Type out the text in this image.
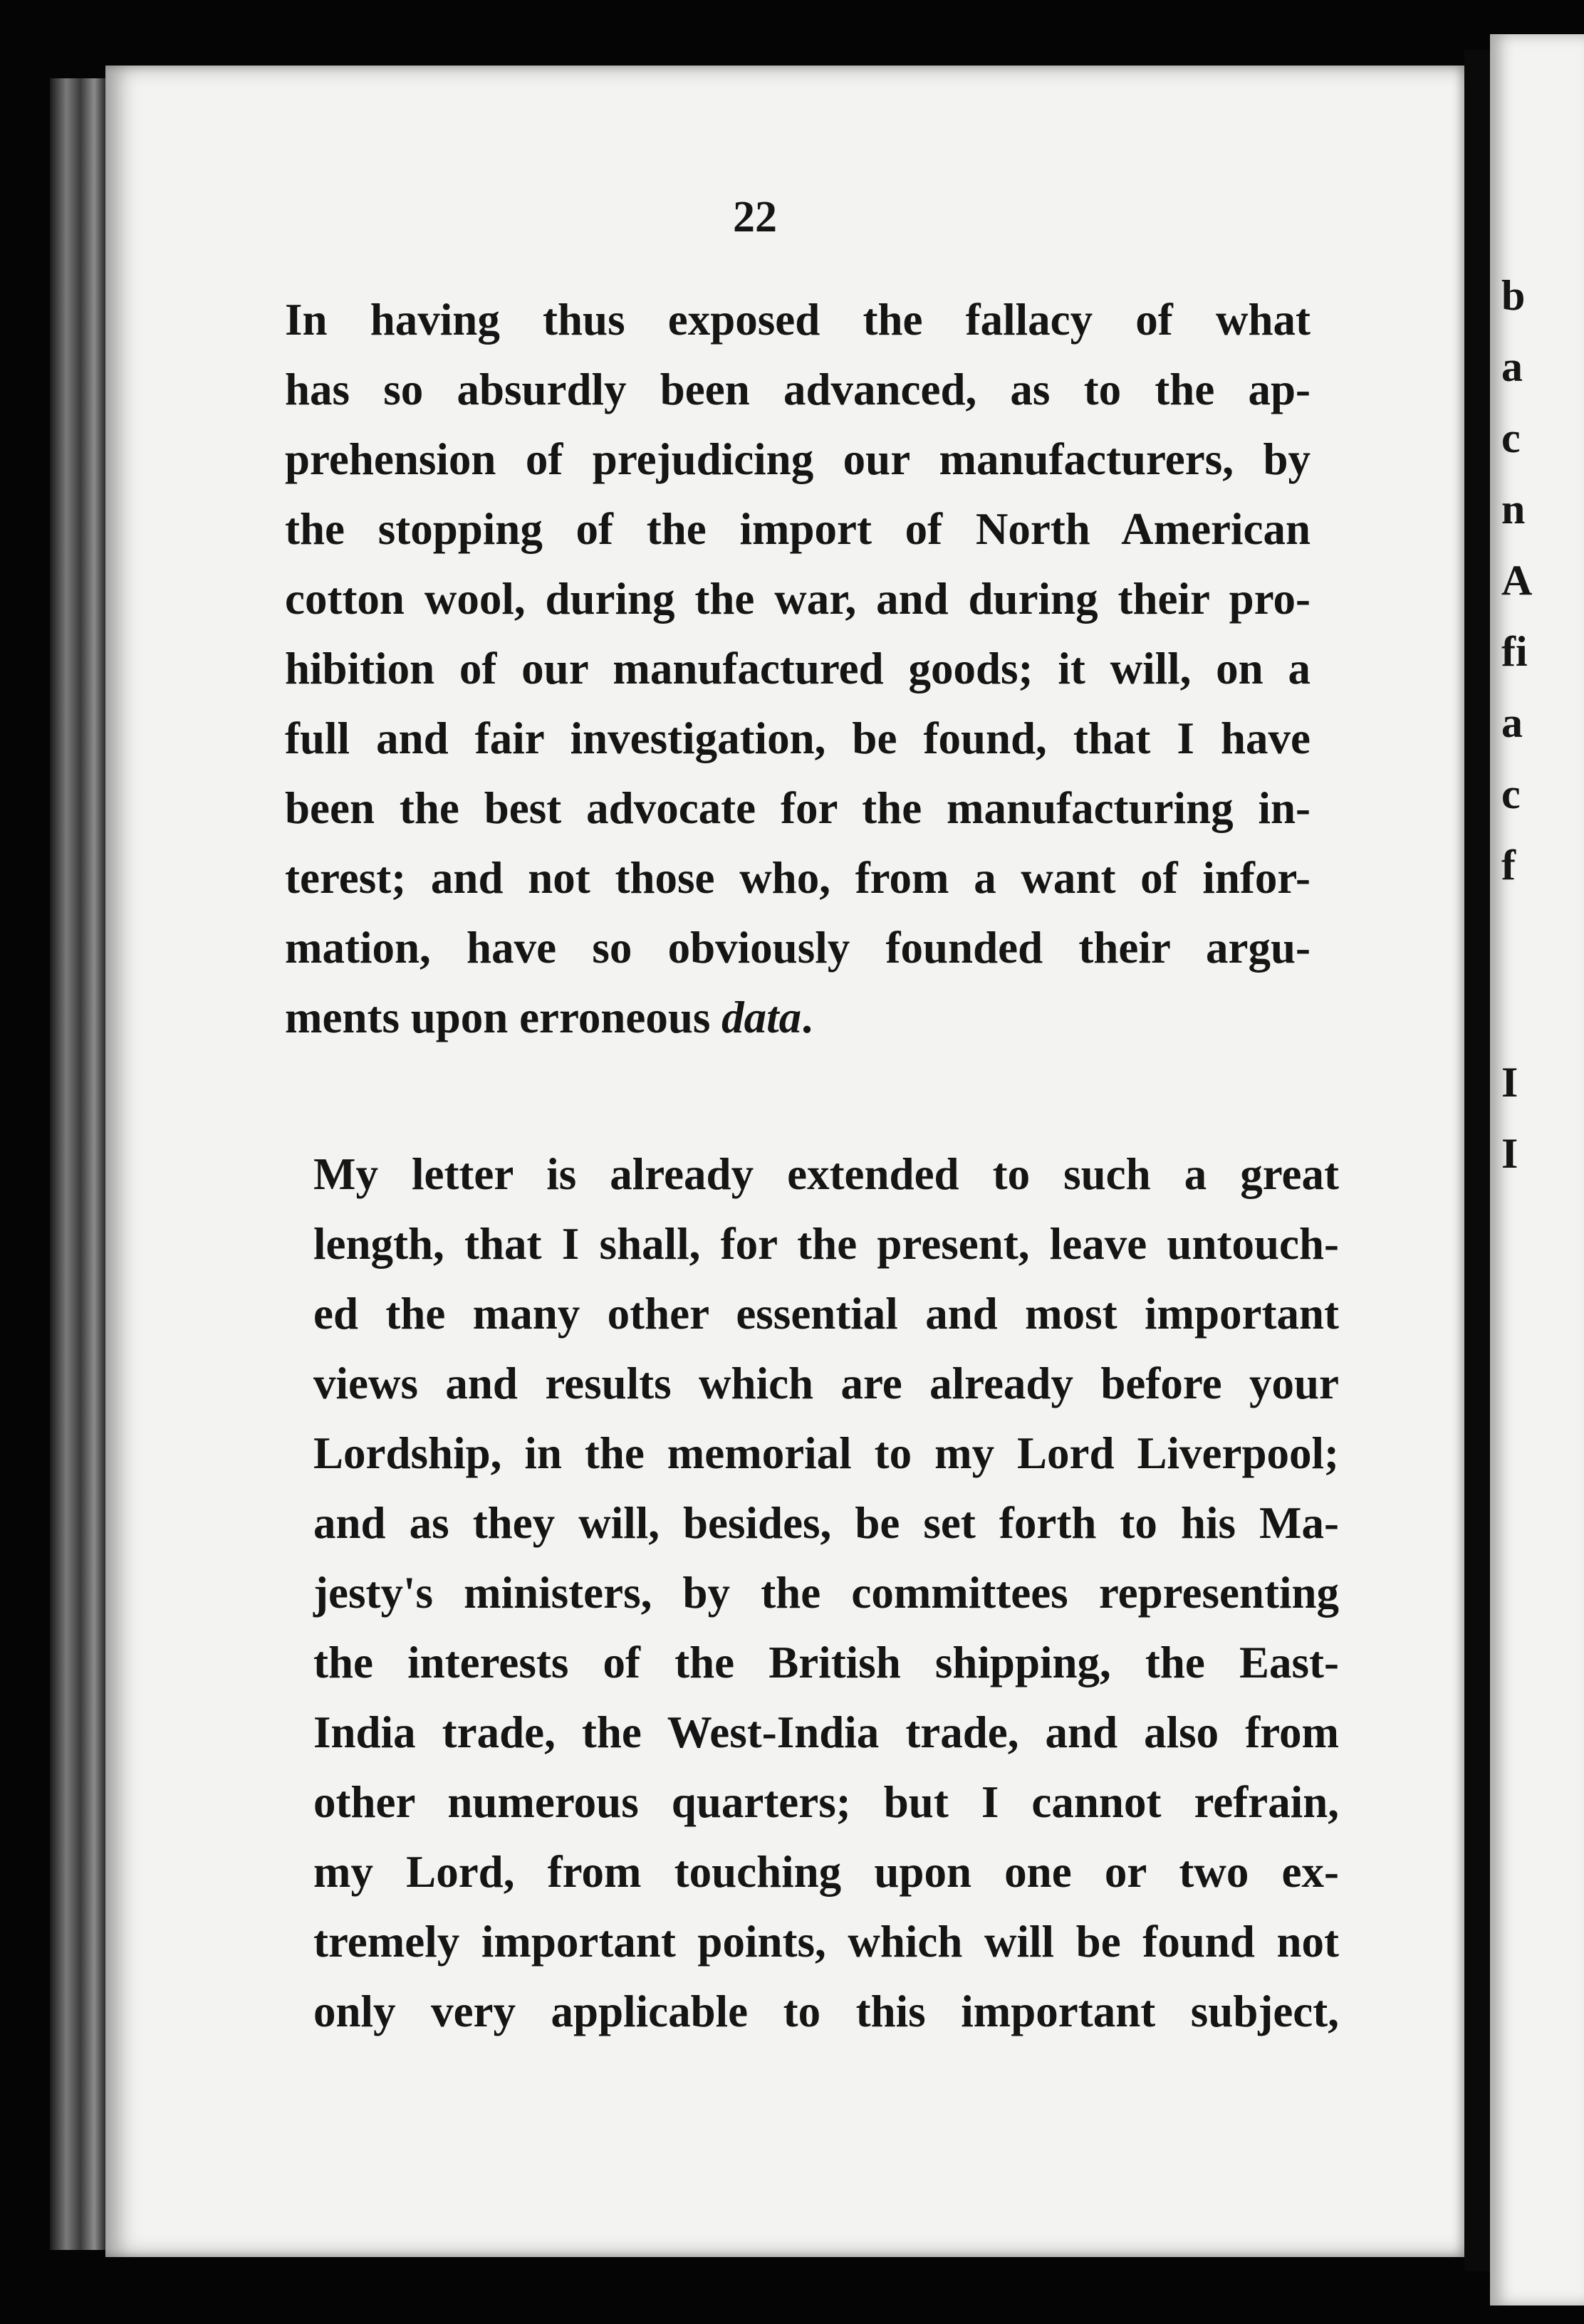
22
In having thus exposed the fallacy of what
has so absurdly been advanced, as to the ap-
prehension of prejudicing our manufacturers, by
the stopping of the import of North American
cotton wool, during the war, and during their pro-
hibition of our manufactured goods; it will, on a
full and fair investigation, be found, that I have
been the best advocate for the manufacturing in-
terest; and not those who, from a want of infor-
mation, have so obviously founded their argu-
ments upon erroneous data.
My letter is already extended to such a great
length, that I shall, for the present, leave untouch-
ed the many other essential and most important
views and results which are already before your
Lordship, in the memorial to my Lord Liverpool;
and as they will, besides, be set forth to his Ma-
jesty's ministers, by the committees representing
the interests of the British shipping, the East-
India trade, the West-India trade, and also from
other numerous quarters; but I cannot refrain,
my Lord, from touching upon one or two ex-
tremely important points, which will be found not
only very applicable to this important subject,
b
a
c
n
A
fi
a
c
f
I
I
